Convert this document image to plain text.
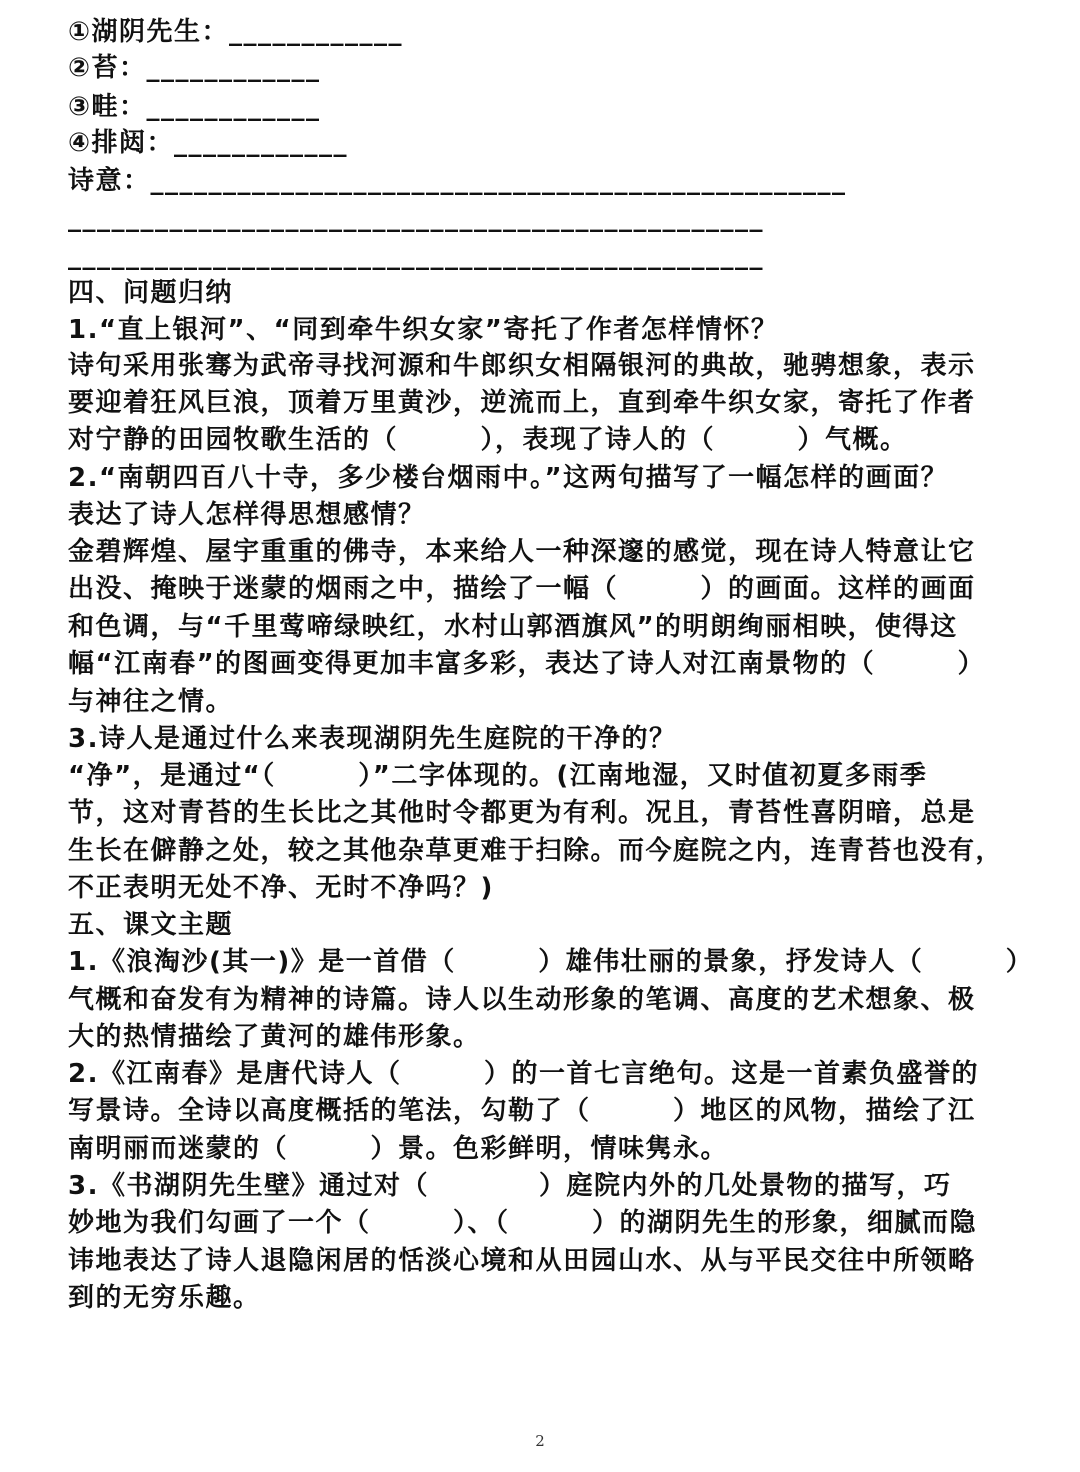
①湖阴先生：____________
②苔：____________
③畦：____________
④排闼：____________
诗意：________________________________________________
________________________________________________
________________________________________________
四、问题归纳
1.“直上银河”、“同到牵牛织女家”寄托了作者怎样情怀？
诗句采用张骞为武帝寻找河源和牛郎织女相隔银河的典故，驰骋想象，表示
要迎着狂风巨浪，顶着万里黄沙，逆流而上，直到牵牛织女家，寄托了作者
对宁静的田园牧歌生活的（　　　），表现了诗人的（　　　）气概。
2.“南朝四百八十寺，多少楼台烟雨中。”这两句描写了一幅怎样的画面？
表达了诗人怎样得思想感情？
金碧辉煌、屋宇重重的佛寺，本来给人一种深邃的感觉，现在诗人特意让它
出没、掩映于迷蒙的烟雨之中，描绘了一幅（　　　）的画面。这样的画面
和色调，与“千里莺啼绿映红，水村山郭酒旗风”的明朗绚丽相映，使得这
幅“江南春”的图画变得更加丰富多彩，表达了诗人对江南景物的（　　　）
与神往之情。
3.诗人是通过什么来表现湖阴先生庭院的干净的？
“净”，是通过“（　　　）”二字体现的。(江南地湿，又时值初夏多雨季
节，这对青苔的生长比之其他时令都更为有利。况且，青苔性喜阴暗，总是
生长在僻静之处，较之其他杂草更难于扫除。而今庭院之内，连青苔也没有，
不正表明无处不净、无时不净吗？)
五、课文主题
1.《浪淘沙(其一)》是一首借（　　　）雄伟壮丽的景象，抒发诗人（　　　）
气概和奋发有为精神的诗篇。诗人以生动形象的笔调、高度的艺术想象、极
大的热情描绘了黄河的雄伟形象。
2.《江南春》是唐代诗人（　　　）的一首七言绝句。这是一首素负盛誉的
写景诗。全诗以高度概括的笔法，勾勒了（　　　）地区的风物，描绘了江
南明丽而迷蒙的（　　　）景。色彩鲜明，情味隽永。
3.《书湖阴先生壁》通过对（　　　　）庭院内外的几处景物的描写，巧
妙地为我们勾画了一个（　　　）、（　　　）的湖阴先生的形象，细腻而隐
讳地表达了诗人退隐闲居的恬淡心境和从田园山水、从与平民交往中所领略
到的无穷乐趣。
2
